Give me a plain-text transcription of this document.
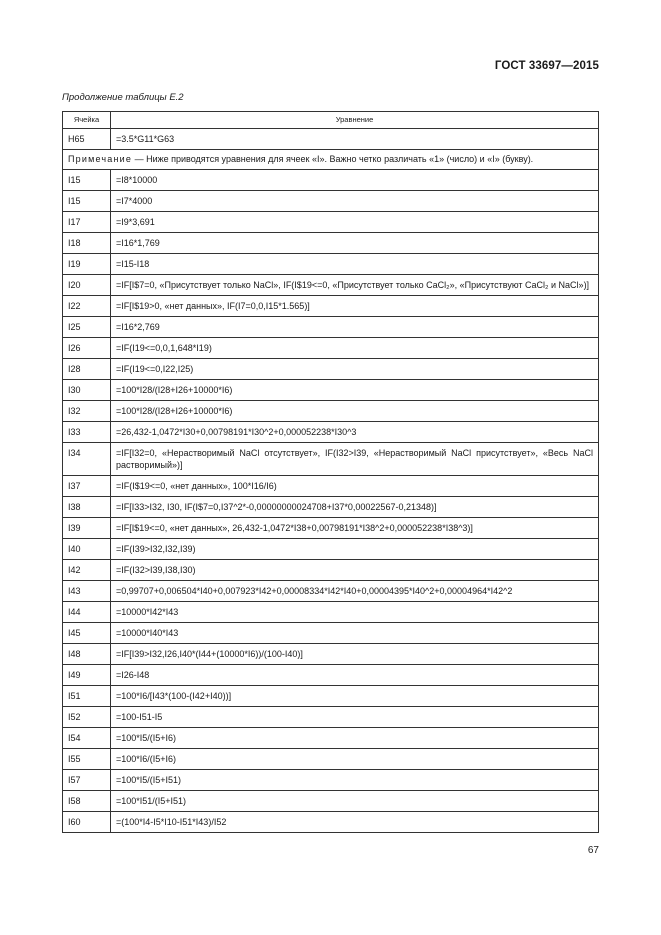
ГОСТ 33697—2015
Продолжение таблицы Е.2
Ячейка	Уравнение
H65	=3.5*G11*G63
Примечание — Ниже приводятся уравнения для ячеек «I». Важно четко различать «1» (число) и «I» (букву).	
I15	=I8*10000
I15	=I7*4000
I17	=I9*3,691
I18	=I16*1,769
I19	=I15-I18
I20	=IF[I$7=0, «Присутствует только NaCl», IF(I$19<=0, «Присутствует только CaCl₂», «Присутствуют CaCl₂ и NaCl»)]
I22	=IF[I$19>0, «нет данных», IF(I7=0,0,I15*1.565)]
I25	=I16*2,769
I26	=IF(I19<=0,0,1,648*I19)
I28	=IF(I19<=0,I22,I25)
I30	=100*I28/(I28+I26+10000*I6)
I32	=100*I28/(I28+I26+10000*I6)
I33	=26,432-1,0472*I30+0,00798191*I30^2+0,000052238*I30^3
I34	=IF[I32=0, «Нерастворимый NaCl отсутствует», IF(I32>I39, «Нерастворимый NaCl присутствует», «Весь NaCl растворимый»)]
I37	=IF(I$19<=0, «нет данных», 100*I16/I6)
I38	=IF[I33>I32, I30, IF(I$7=0,I37^2*-0,00000000024708+I37*0,00022567-0,21348)]
I39	=IF[I$19<=0, «нет данных», 26,432-1,0472*I38+0,00798191*I38^2+0,000052238*I38^3)]
I40	=IF(I39>I32,I32,I39)
I42	=IF(I32>I39,I38,I30)
I43	=0,99707+0,006504*I40+0,007923*I42+0,00008334*I42*I40+0,00004395*I40^2+0,00004964*I42^2
I44	=10000*I42*I43
I45	=10000*I40*I43
I48	=IF[I39>I32,I26,I40*(I44+(10000*I6))/(100-I40)]
I49	=I26-I48
I51	=100*I6/[I43*(100-(I42+I40))]
I52	=100-I51-I5
I54	=100*I5/(I5+I6)
I55	=100*I6/(I5+I6)
I57	=100*I5/(I5+I51)
I58	=100*I51/(I5+I51)
I60	=(100*I4-I5*I10-I51*I43)/I52
67
